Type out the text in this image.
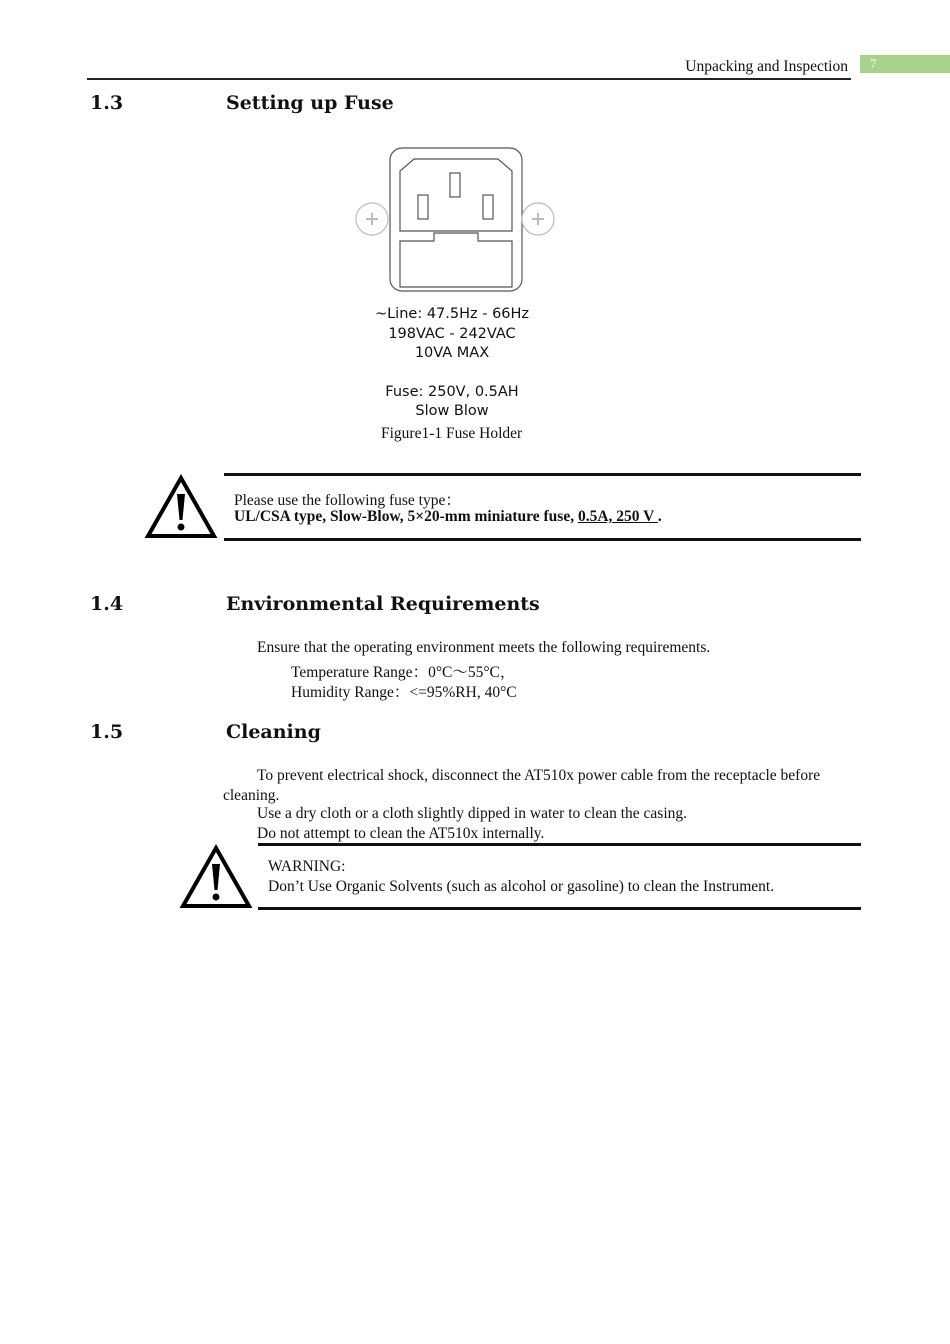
Unpacking and Inspection	7
1.3	Setting up Fuse
~Line: 47.5Hz - 66Hz
198VAC - 242VAC
10VA MAX
Fuse: 250V, 0.5AH
Slow Blow
Figure1-1 Fuse Holder
Please use the following fuse type：
UL/CSA type, Slow-Blow, 5×20-mm miniature fuse, 0.5A, 250 V .
1.4	Environmental Requirements
Ensure that the operating environment meets the following requirements.
Temperature Range：0°C～55°C，
Humidity Range：<=95%RH, 40°C
1.5	Cleaning
To prevent electrical shock, disconnect the AT510x power cable from the receptacle before
cleaning.
Use a dry cloth or a cloth slightly dipped in water to clean the casing.
Do not attempt to clean the AT510x internally.
WARNING:
Don’t Use Organic Solvents (such as alcohol or gasoline) to clean the Instrument.
